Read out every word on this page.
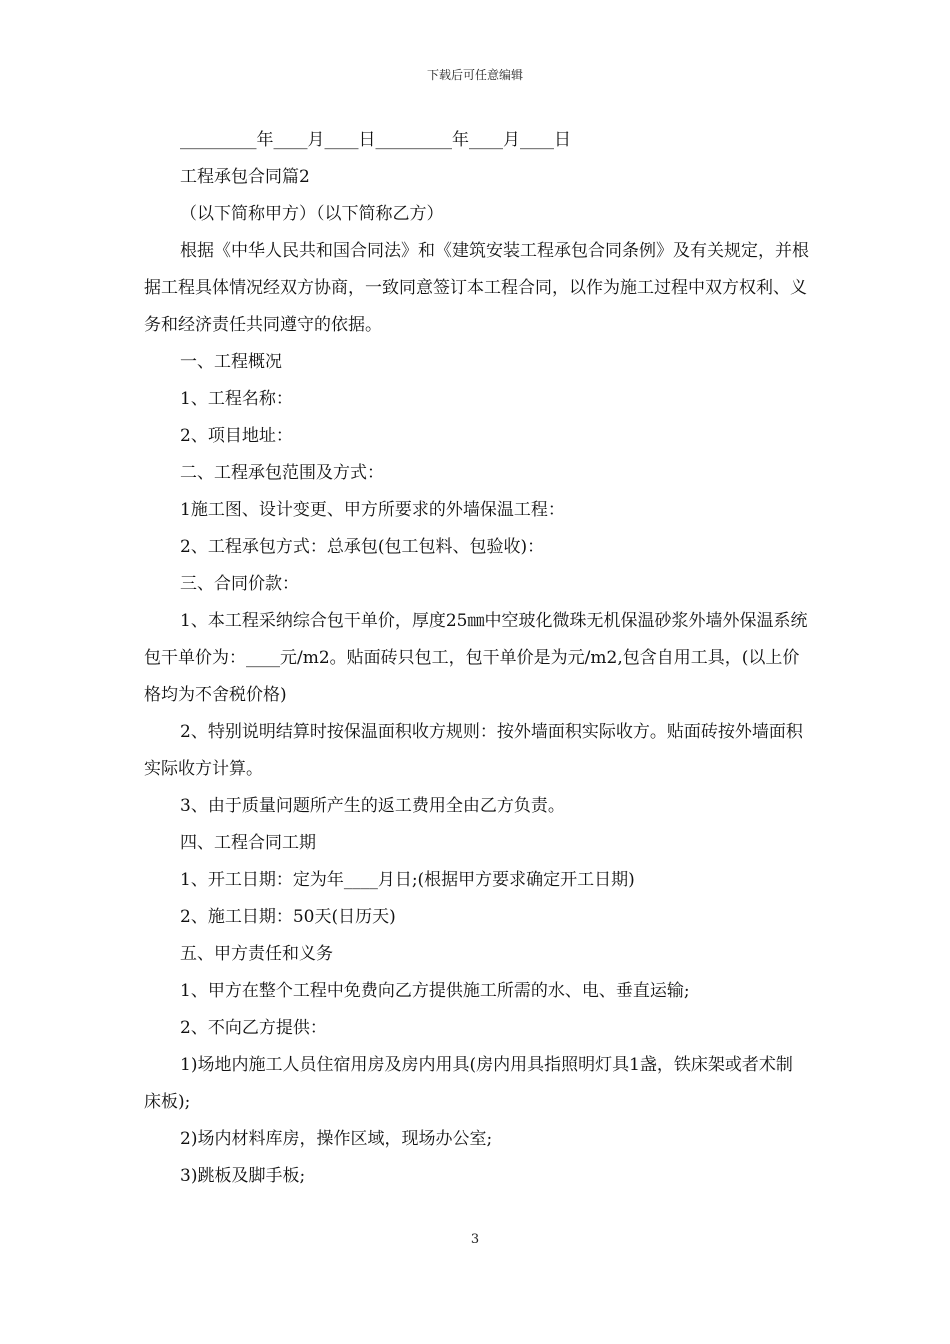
下载后可任意编辑

_________年____月____日_________年____月____日

工程承包合同篇2

（以下简称甲方）（以下简称乙方）

根据《中华人民共和国合同法》和《建筑安装工程承包合同条例》及有关规定，并根据工程具体情况经双方协商，一致同意签订本工程合同，以作为施工过程中双方权利、义务和经济责任共同遵守的依据。

一、工程概况

1、工程名称：

2、项目地址：

二、工程承包范围及方式：

1施工图、设计变更、甲方所要求的外墙保温工程：

2、工程承包方式：总承包(包工包料、包验收)：

三、合同价款：

1、本工程采纳综合包干单价，厚度25㎜中空玻化微珠无机保温砂浆外墙外保温系统包干单价为：____元/m2。贴面砖只包工，包干单价是为元/m2,包含自用工具，(以上价格均为不舍税价格)

2、特别说明结算时按保温面积收方规则：按外墙面积实际收方。贴面砖按外墙面积实际收方计算。

3、由于质量问题所产生的返工费用全由乙方负责。

四、工程合同工期

1、开工日期：定为年____月日;(根据甲方要求确定开工日期)

2、施工日期：50天(日历天)

五、甲方责任和义务

1、甲方在整个工程中免费向乙方提供施工所需的水、电、垂直运输;

2、不向乙方提供：

1)场地内施工人员住宿用房及房内用具(房内用具指照明灯具1盏，铁床架或者术制床板);

2)场内材料库房，操作区域，现场办公室;

3)跳板及脚手板;

3
